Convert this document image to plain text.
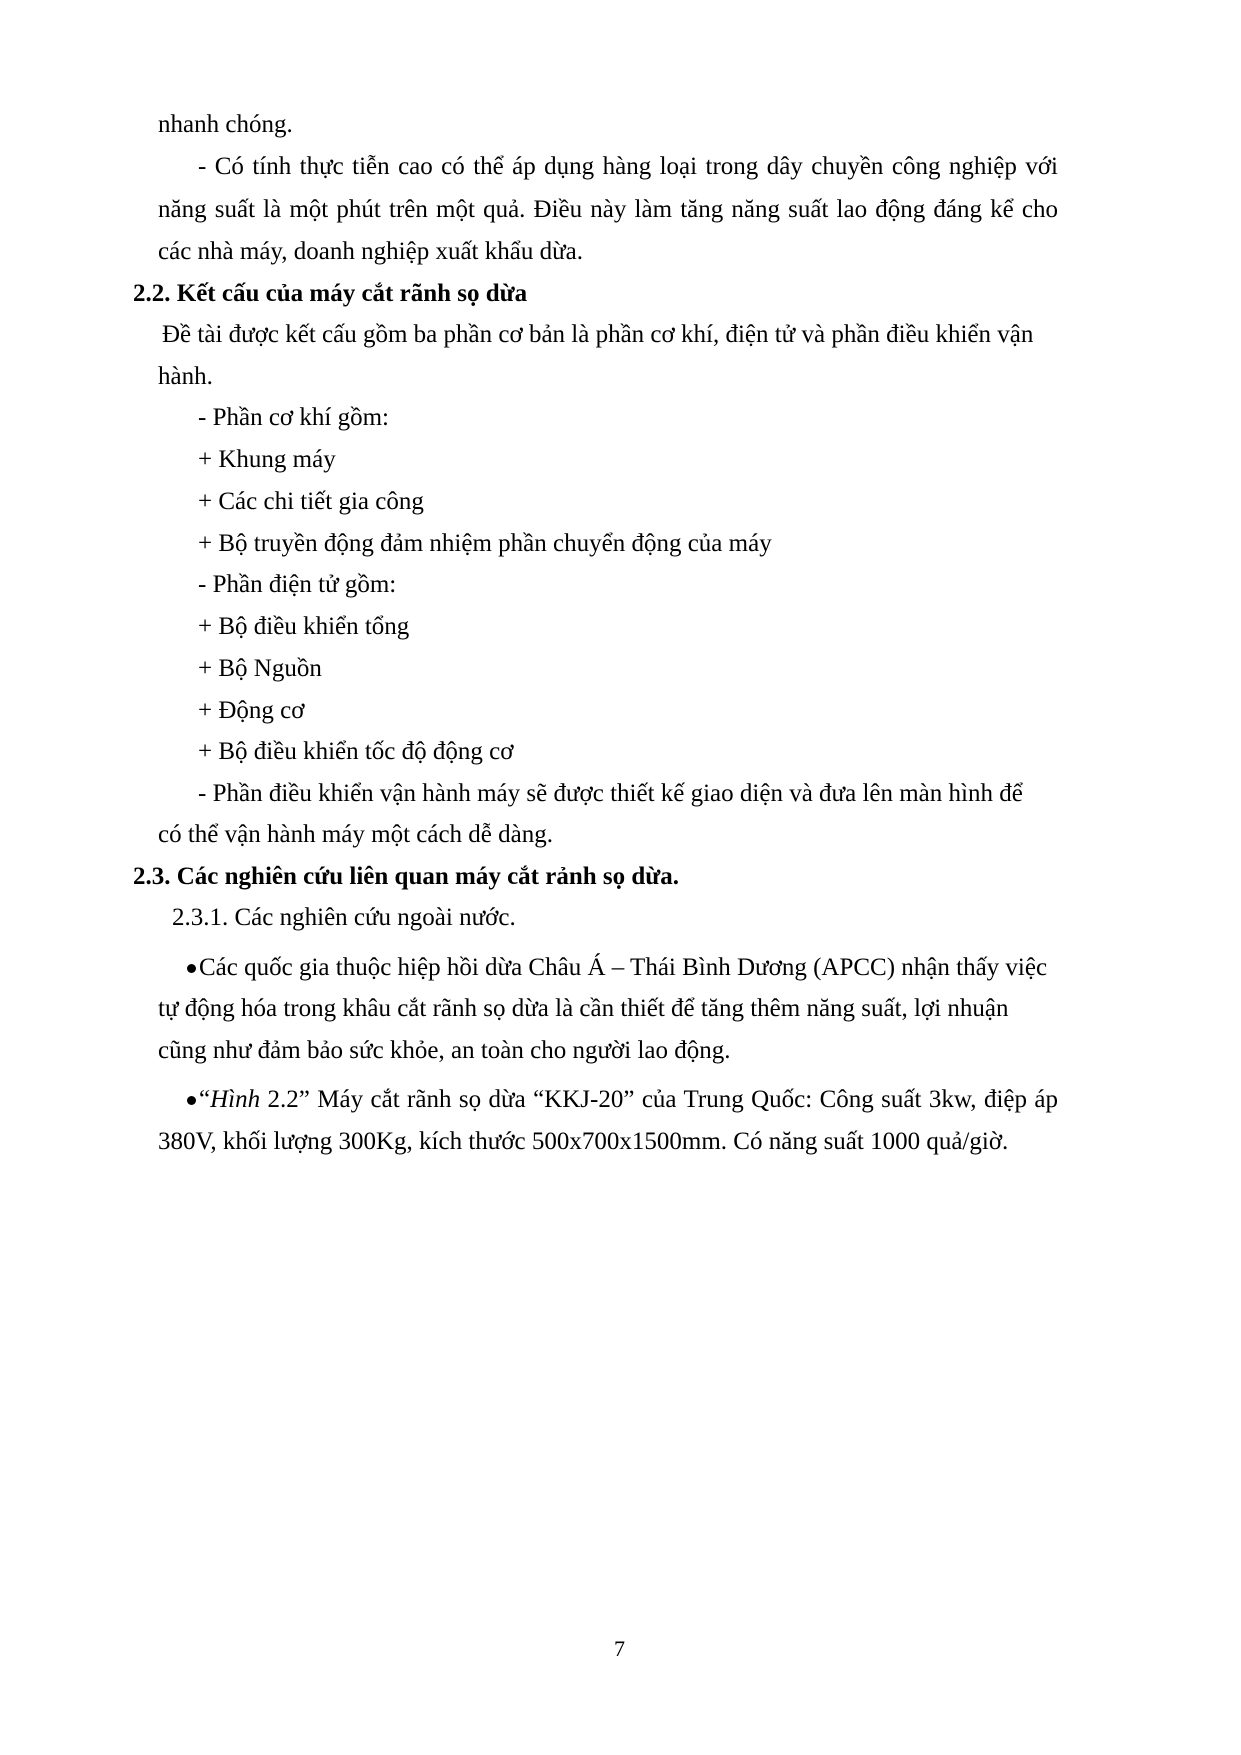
nhanh chóng.
- Có tính thực tiễn cao có thể áp dụng hàng loại trong dây chuyền công nghiệp với
năng suất là một phút trên một quả. Điều này làm tăng năng suất lao động đáng kể cho
các nhà máy, doanh nghiệp xuất khẩu dừa.
2.2. Kết cấu của máy cắt rãnh sọ dừa
Đề tài được kết cấu gồm ba phần cơ bản là phần cơ khí, điện tử và phần điều khiển vận
hành.
- Phần cơ khí gồm:
+ Khung máy
+ Các chi tiết gia công
+ Bộ truyền động đảm nhiệm phần chuyển động của máy
- Phần điện tử gồm:
+ Bộ điều khiển tổng
+ Bộ Nguồn
+ Động cơ
+ Bộ điều khiển tốc độ động cơ
- Phần điều khiển vận hành máy sẽ được thiết kế giao diện và đưa lên màn hình để
có thể vận hành máy một cách dễ dàng.
2.3. Các nghiên cứu liên quan máy cắt rảnh sọ dừa.
2.3.1. Các nghiên cứu ngoài nước.
Các quốc gia thuộc hiệp hồi dừa Châu Á – Thái Bình Dương (APCC) nhận thấy việc
tự động hóa trong khâu cắt rãnh sọ dừa là cần thiết để tăng thêm năng suất, lợi nhuận
cũng như đảm bảo sức khỏe, an toàn cho người lao động.
“Hình 2.2” Máy cắt rãnh sọ dừa “KKJ-20” của Trung Quốc: Công suất 3kw, điệp áp
380V, khối lượng 300Kg, kích thước 500x700x1500mm. Có năng suất 1000 quả/giờ.
7
